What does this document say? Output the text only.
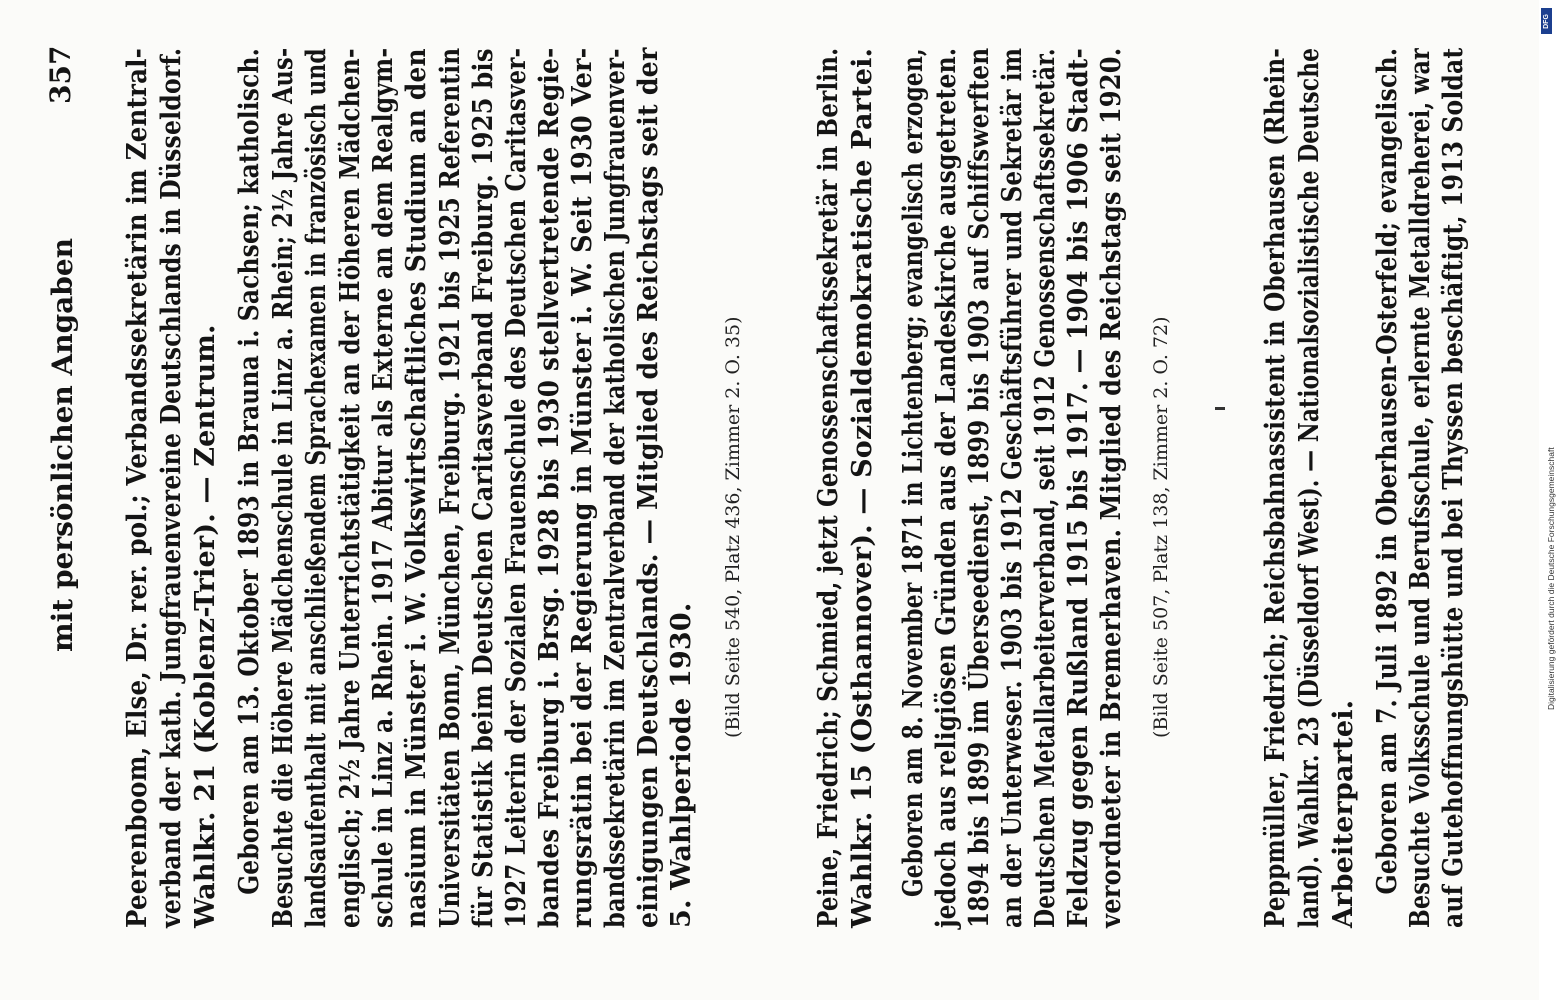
mit persönlichen Angaben
357 Peerenboom, Else, Dr. rer. pol.; Verbandssekretärin im Zentral- verband der kath. Jungfrauenvereine Deutschlands in Düsseldorf. Wahlkr. 21 (Koblenz-Trier). — Zentrum. Geboren am 13. Oktober 1893 in Brauna i. Sachsen; katholisch. Besuchte die Höhere Mädchenschule in Linz a. Rhein; 2½ Jahre Aus- landsaufenthalt mit anschließendem Sprachexamen in französisch und englisch; 2½ Jahre Unterrichtstätigkeit an der Höheren Mädchen- schule in Linz a. Rhein. 1917 Abitur als Externe an dem Realgym- nasium in Münster i. W. Volkswirtschaftliches Studium an den Universitäten Bonn, München, Freiburg. 1921 bis 1925 Referentin für Statistik beim Deutschen Caritasverband Freiburg. 1925 bis 1927 Leiterin der Sozialen Frauenschule des Deutschen Caritasver- bandes Freiburg i. Brsg. 1928 bis 1930 stellvertretende Regie- rungsrätin bei der Regierung in Münster i. W. Seit 1930 Ver- bandssekretärin im Zentralverband der katholischen Jungfrauenver- einigungen Deutschlands. — Mitglied des Reichstags seit der 5. Wahlperiode 1930.
(Bild Seite 540, Platz 436, Zimmer 2. O. 35)	Peine, Friedrich; Schmied, jetzt Genossenschaftssekretär in Berlin. Wahlkr. 15 (Osthannover). — Sozialdemokratische Partei. Geboren am 8. November 1871 in Lichtenberg; evangelisch erzogen, jedoch aus religiösen Gründen aus der Landeskirche ausgetreten. 1894 bis 1899 im Überseedienst, 1899 bis 1903 auf Schiffswerften an der Unterweser. 1903 bis 1912 Geschäftsführer und Sekretär im Deutschen Metallarbeiterverband, seit 1912 Genossenschaftssekretär. Feldzug gegen Rußland 1915 bis 1917. — 1904 bis 1906 Stadt- verordneter in Bremerhaven. Mitglied des Reichstags seit 1920. (Bild Seite 507, Platz 138, Zimmer 2. O. 72)	Peppmüller, Friedrich; Reichsbahnassistent in Oberhausen (Rhein- land). Wahlkr. 23 (Düsseldorf West). — Nationalsozialistische Deutsche Arbeiterpartei. Geboren am 7. Juli 1892 in Oberhausen-Osterfeld; evangelisch. Besuchte Volksschule und Berufsschule, erlernte Metalldreherei, war auf Gutehoffnungshütte und bei Thyssen beschäftigt, 1913 Soldat
DFG
Digitalisierung gefördert durch die Deutsche Forschungsgemeinschaft
